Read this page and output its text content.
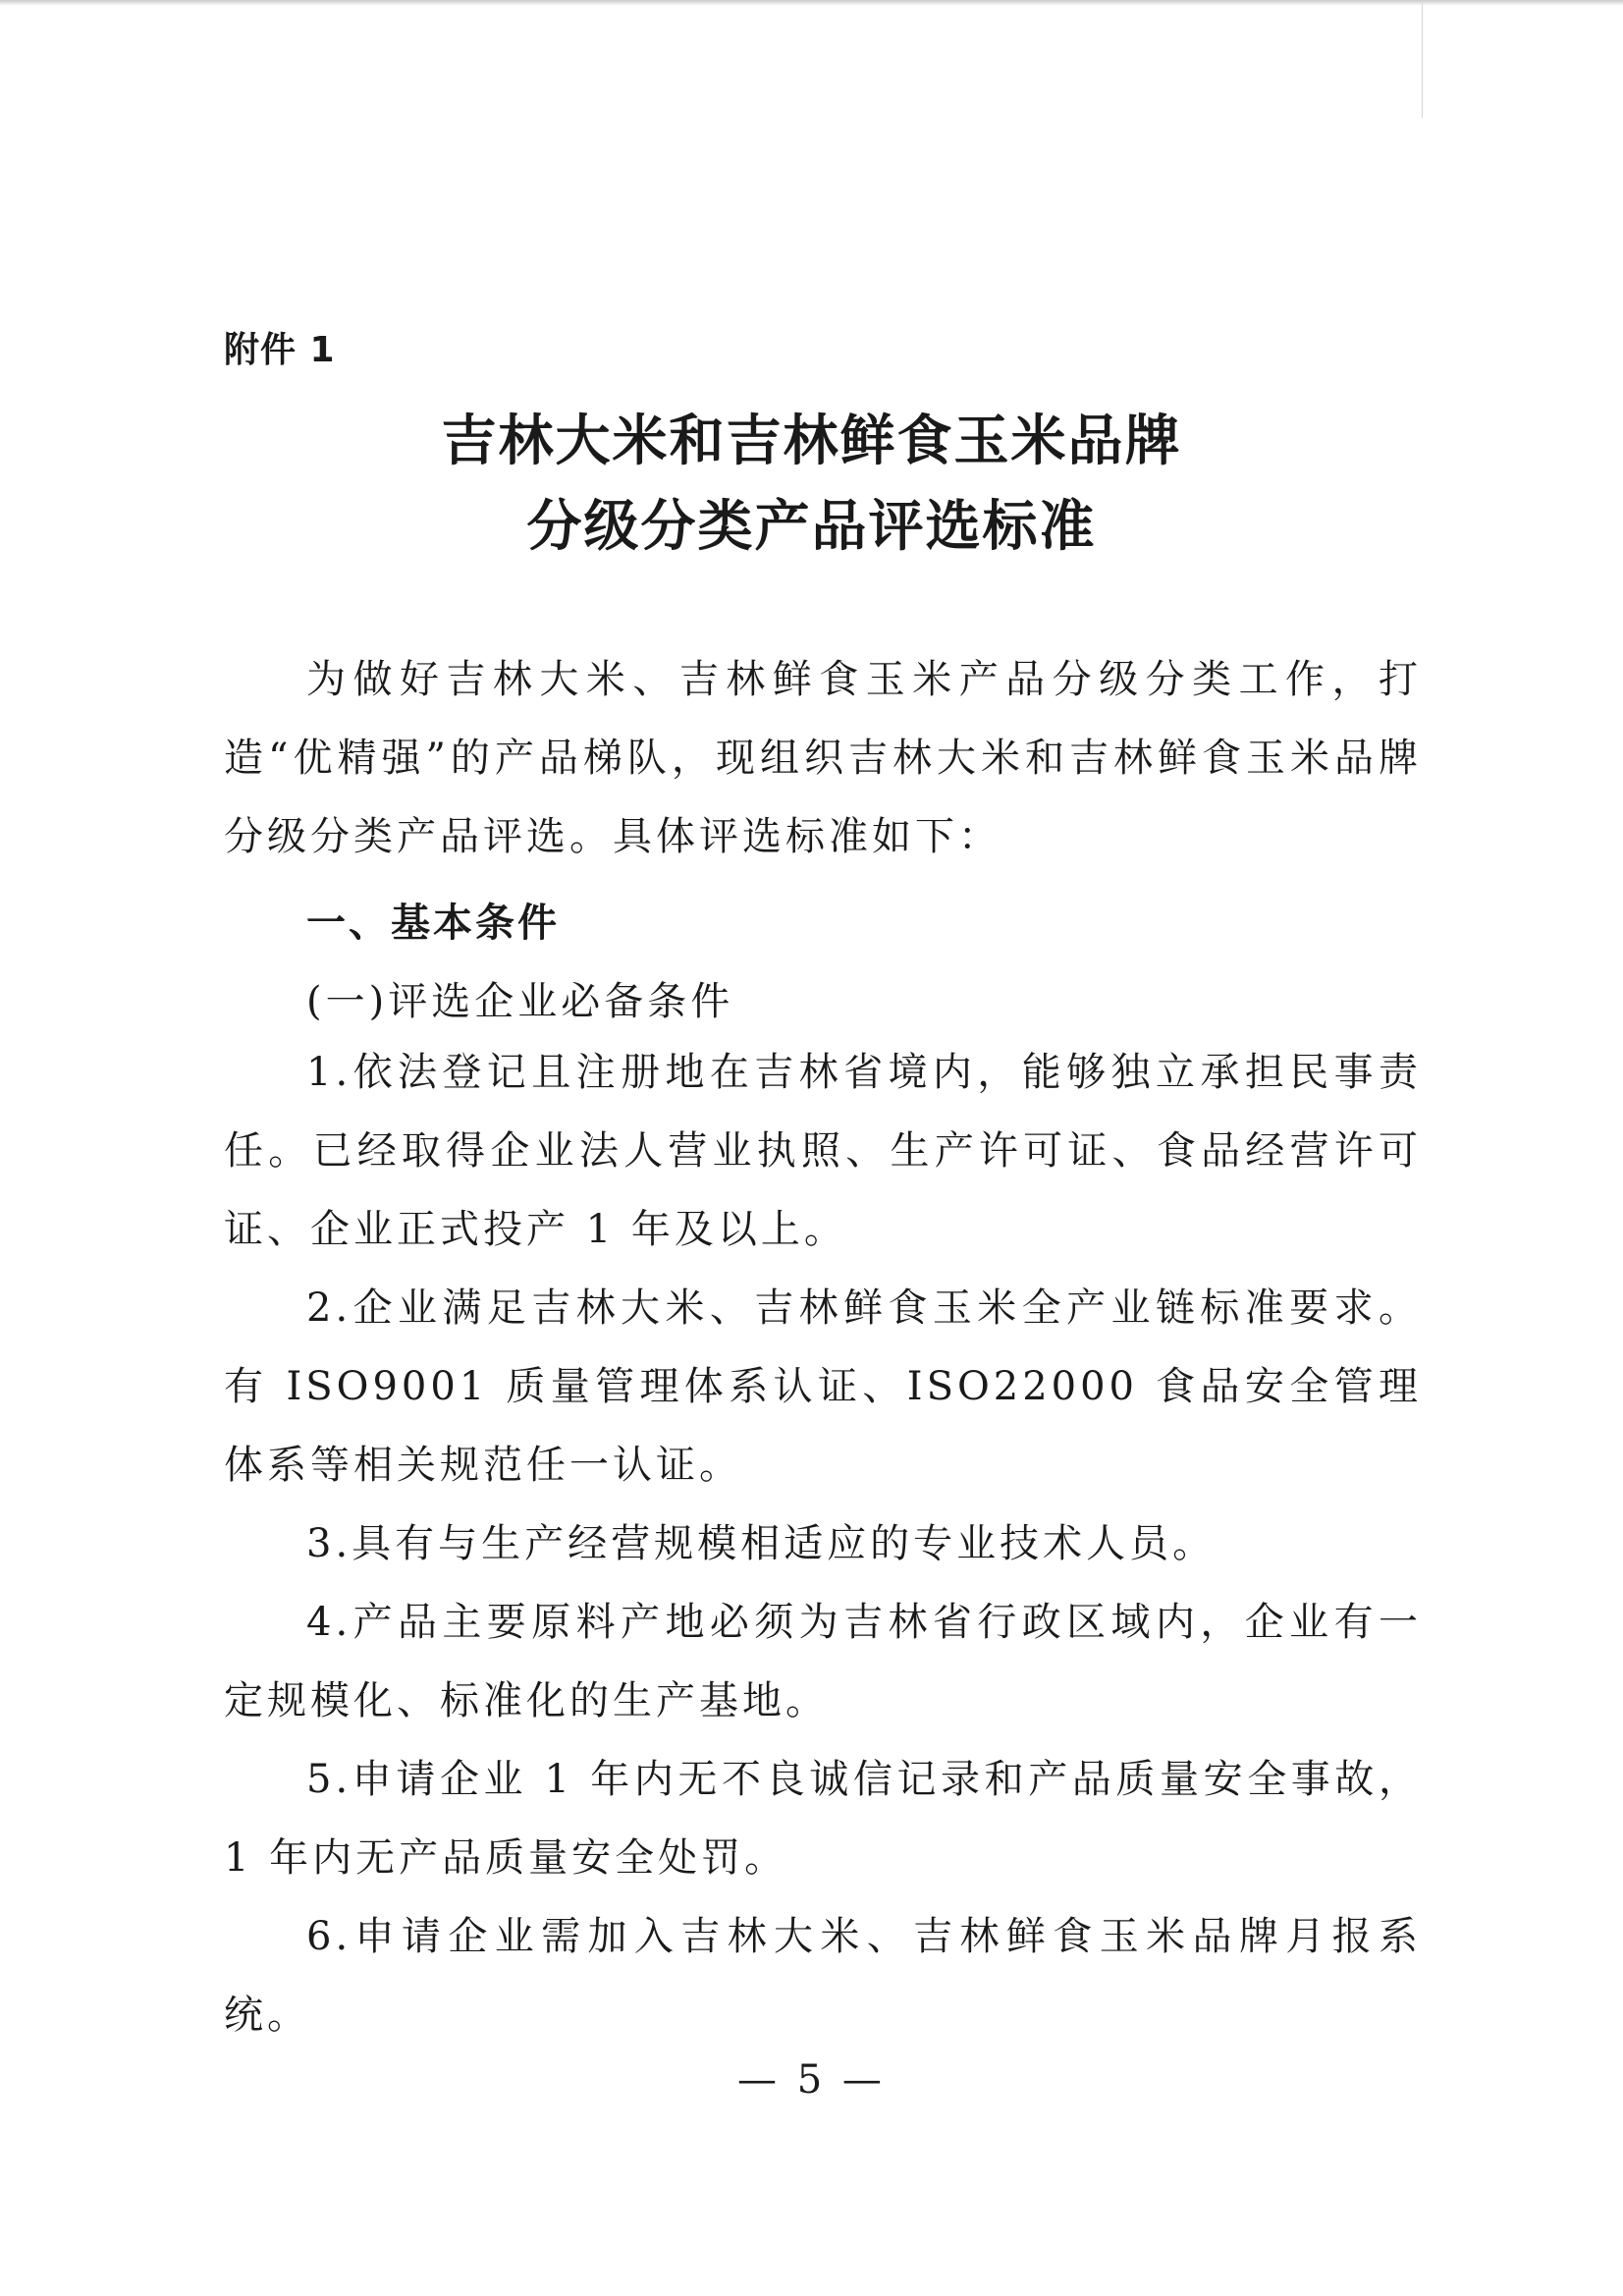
附件 1
吉林大米和吉林鲜食玉米品牌
分级分类产品评选标准
为做好吉林大米、吉林鲜食玉米产品分级分类工作，打造“优精强”的产品梯队，现组织吉林大米和吉林鲜食玉米品牌分级分类产品评选。具体评选标准如下：
一、基本条件
(一)评选企业必备条件
1.依法登记且注册地在吉林省境内，能够独立承担民事责任。已经取得企业法人营业执照、生产许可证、食品经营许可证、企业正式投产 1 年及以上。
2.企业满足吉林大米、吉林鲜食玉米全产业链标准要求。有 ISO9001 质量管理体系认证、ISO22000 食品安全管理体系等相关规范任一认证。
3.具有与生产经营规模相适应的专业技术人员。
4.产品主要原料产地必须为吉林省行政区域内，企业有一定规模化、标准化的生产基地。
5.申请企业 1 年内无不良诚信记录和产品质量安全事故，1 年内无产品质量安全处罚。
6.申请企业需加入吉林大米、吉林鲜食玉米品牌月报系统。
— 5 —
